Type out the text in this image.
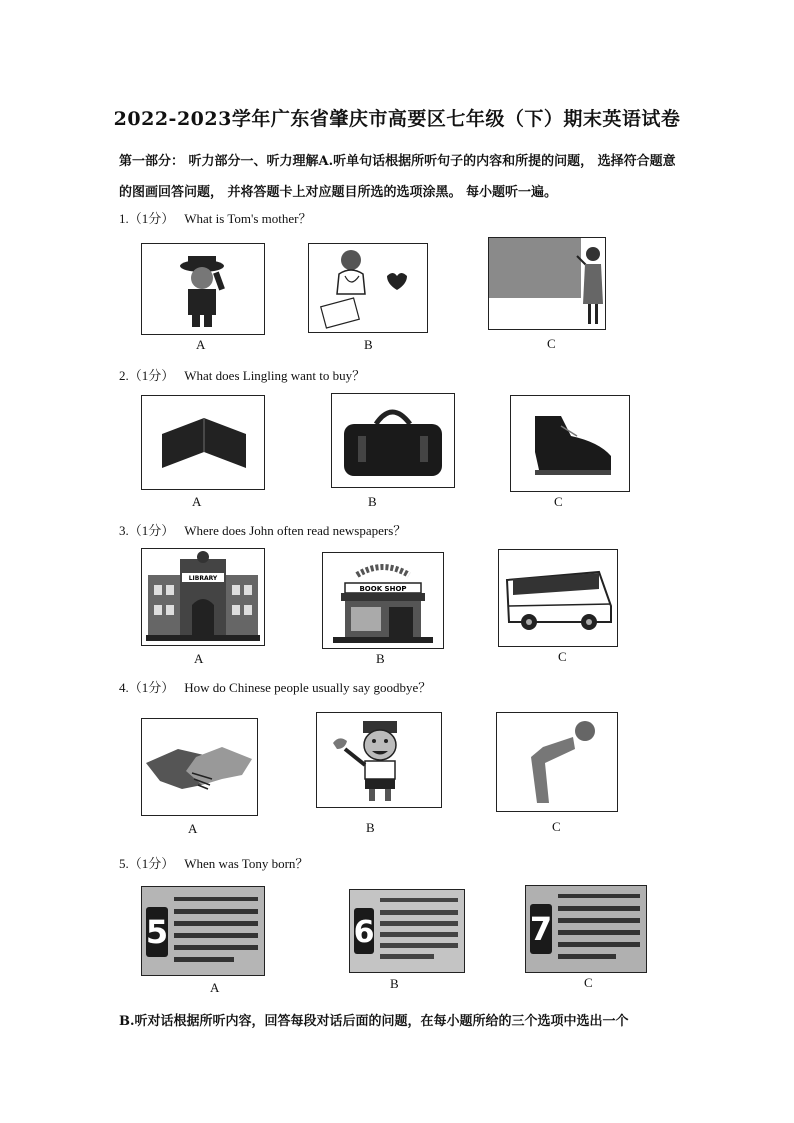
2022-2023学年广东省肇庆市高要区七年级（下）期末英语试卷
第一部分： 听力部分一、听力理解A.听单句话根据所听句子的内容和所提的问题， 选择符合题意的图画回答问题， 并将答题卡上对应题目所选的选项涂黑。 每小题听一遍。
1.（1分） What is Tom's mother？
A	B	C
2.（1分） What does Lingling want to buy？
A	B	C
3.（1分） Where does John often read newspapers？
LIBRARY
A
BOOK SHOP
B	C
4.（1分） How do Chinese people usually say goodbye？
A	B	C
5.（1分） When was Tony born？
5
A
6
B
7
C
B.听对话根据所听内容，回答每段对话后面的问题，在每小题所给的三个选项中选出一个
